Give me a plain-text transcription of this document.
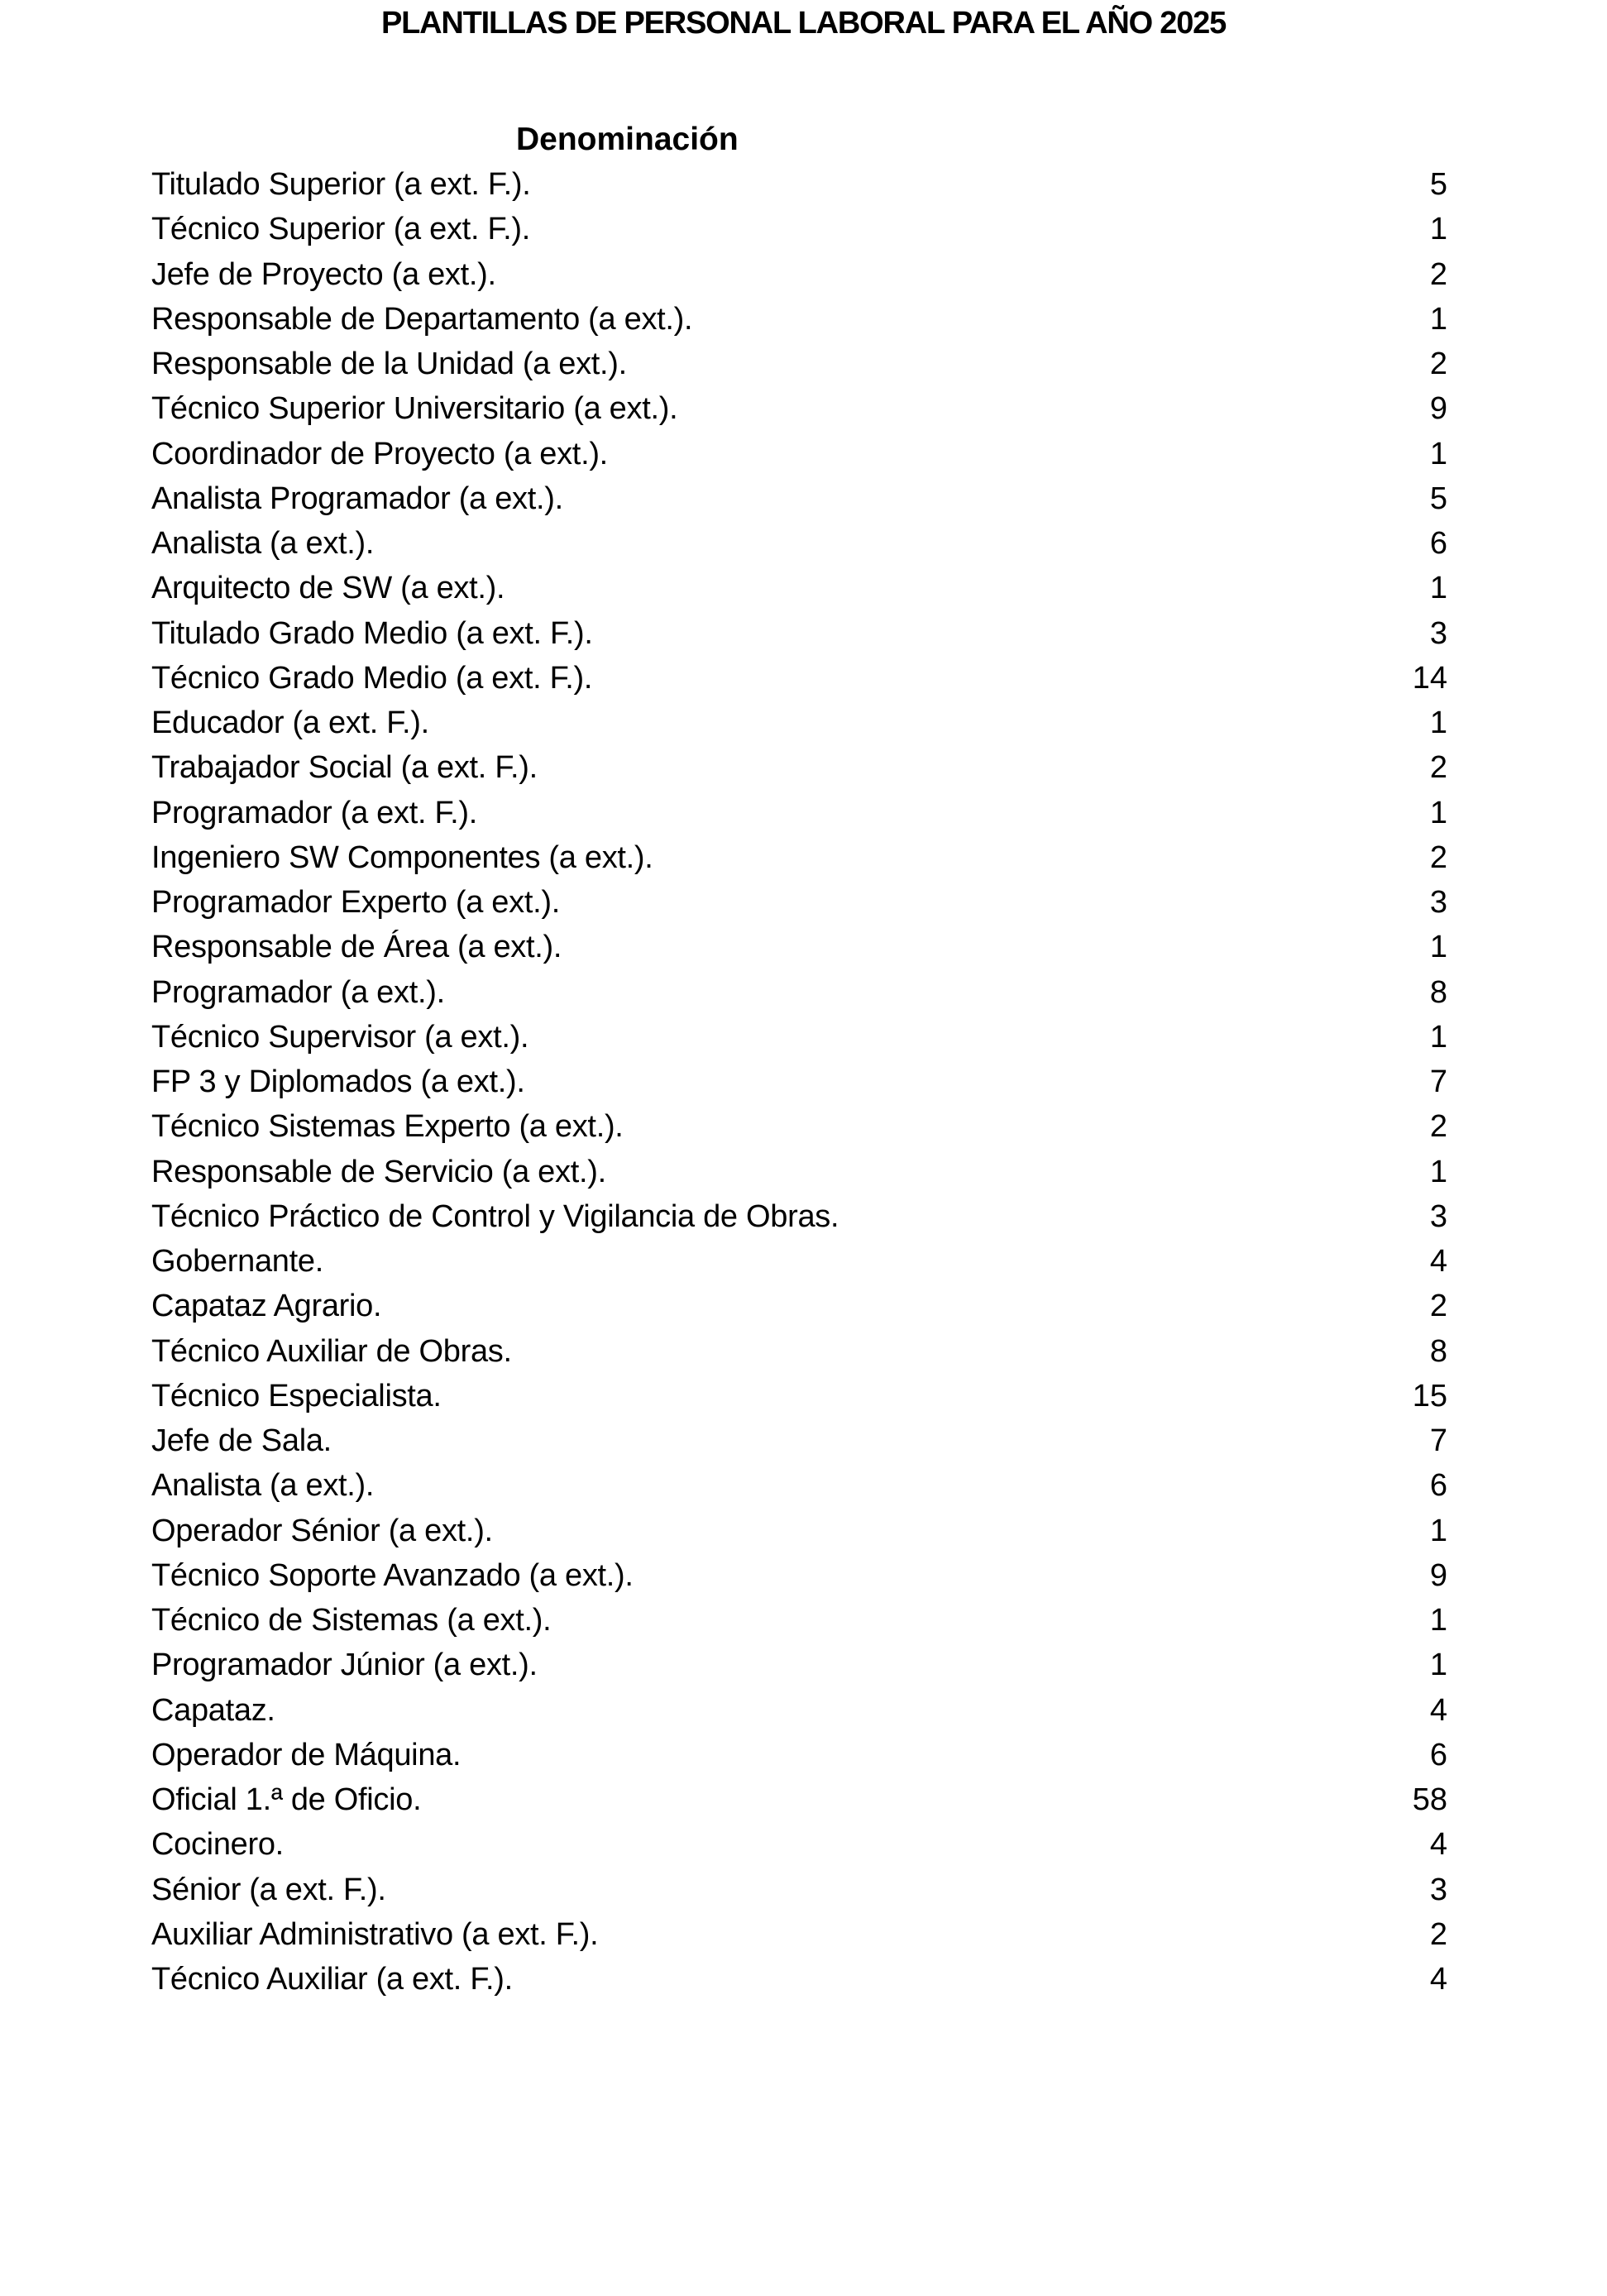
PLANTILLAS DE PERSONAL LABORAL PARA EL AÑO 2025
Denominación
Titulado Superior (a ext. F.).	5
Técnico Superior (a ext. F.).	1
Jefe de Proyecto (a ext.).	2
Responsable de Departamento (a ext.).	1
Responsable de la Unidad (a ext.).	2
Técnico Superior Universitario (a ext.).	9
Coordinador de Proyecto (a ext.).	1
Analista Programador (a ext.).	5
Analista (a ext.).	6
Arquitecto de SW (a ext.).	1
Titulado Grado Medio (a ext. F.).	3
Técnico Grado Medio (a ext. F.).	14
Educador (a ext. F.).	1
Trabajador Social (a ext. F.).	2
Programador (a ext. F.).	1
Ingeniero SW Componentes (a ext.).	2
Programador Experto (a ext.).	3
Responsable de Área (a ext.).	1
Programador (a ext.).	8
Técnico Supervisor (a ext.).	1
FP 3 y Diplomados (a ext.).	7
Técnico Sistemas Experto (a ext.).	2
Responsable de Servicio (a ext.).	1
Técnico Práctico de Control y Vigilancia de Obras.	3
Gobernante.	4
Capataz Agrario.	2
Técnico Auxiliar de Obras.	8
Técnico Especialista.	15
Jefe de Sala.	7
Analista (a ext.).	6
Operador Sénior (a ext.).	1
Técnico Soporte Avanzado (a ext.).	9
Técnico de Sistemas (a ext.).	1
Programador Júnior (a ext.).	1
Capataz.	4
Operador de Máquina.	6
Oficial 1.ª de Oficio.	58
Cocinero.	4
Sénior (a ext. F.).	3
Auxiliar Administrativo (a ext. F.).	2
Técnico Auxiliar (a ext. F.).	4
